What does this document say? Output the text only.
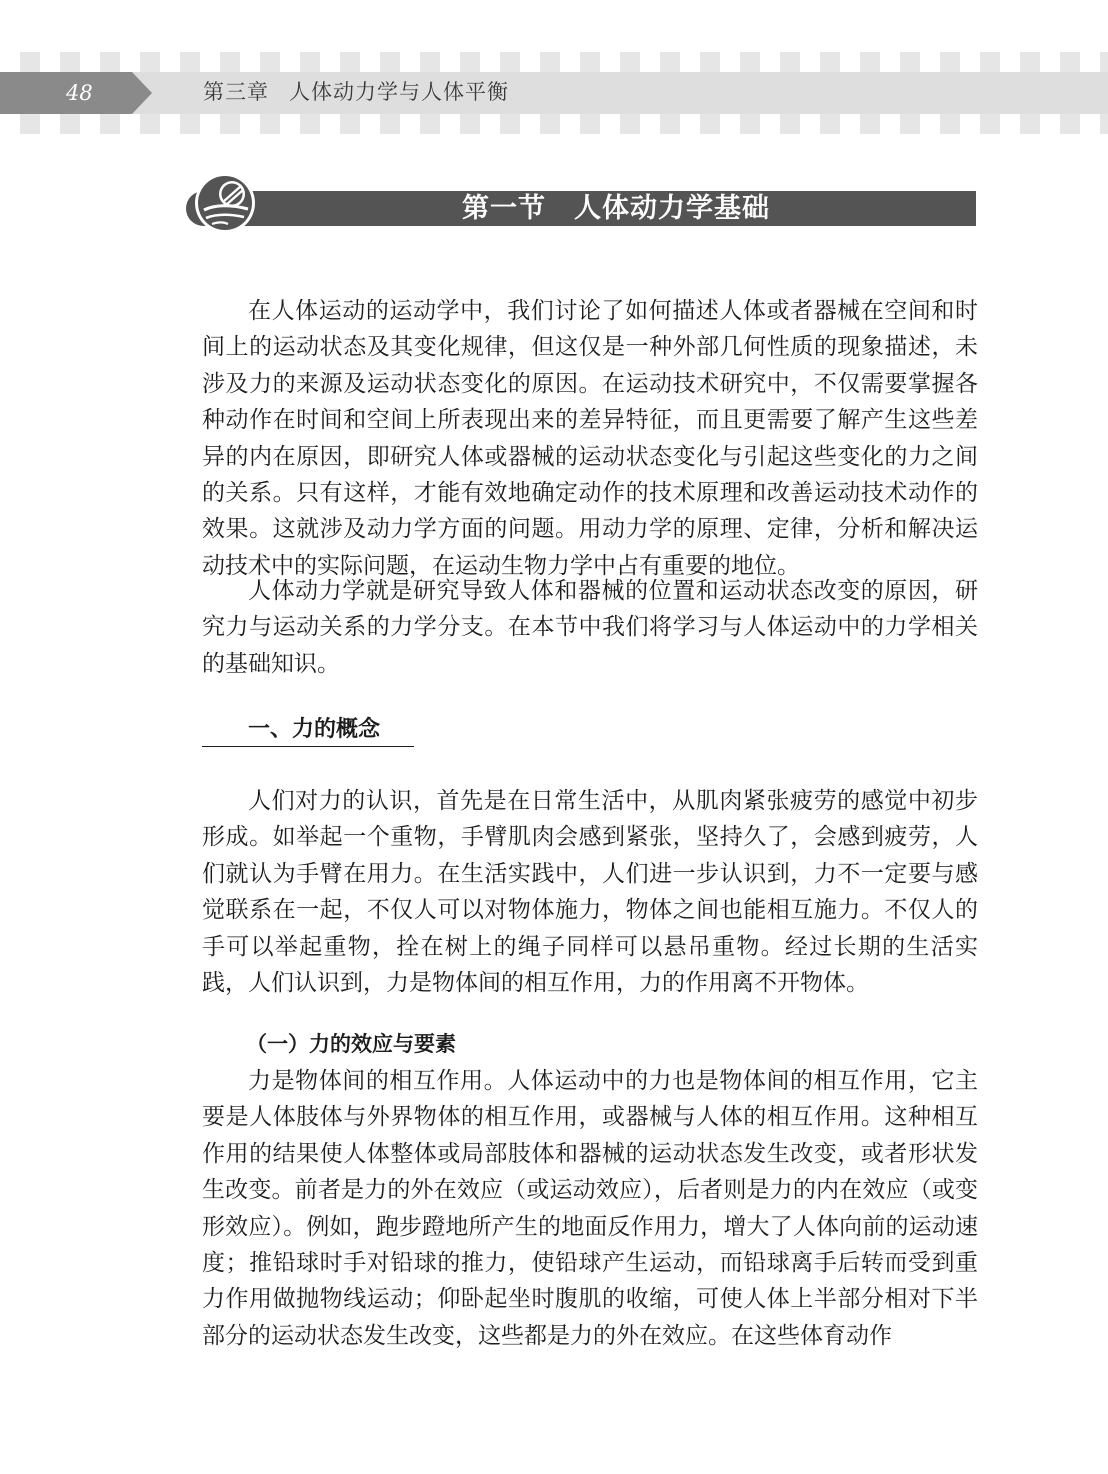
48	第三章 人体动力学与人体平衡
第一节 人体动力学基础

在人体运动的运动学中，我们讨论了如何描述人体或者器械在空间和时间上的运动状态及其变化规律，但这仅是一种外部几何性质的现象描述，未涉及力的来源及运动状态变化的原因。在运动技术研究中，不仅需要掌握各种动作在时间和空间上所表现出来的差异特征，而且更需要了解产生这些差异的内在原因，即研究人体或器械的运动状态变化与引起这些变化的力之间的关系。只有这样，才能有效地确定动作的技术原理和改善运动技术动作的效果。这就涉及动力学方面的问题。用动力学的原理、定律，分析和解决运动技术中的实际问题，在运动生物力学中占有重要的地位。

人体动力学就是研究导致人体和器械的位置和运动状态改变的原因，研究力与运动关系的力学分支。在本节中我们将学习与人体运动中的力学相关的基础知识。

一、力的概念

人们对力的认识，首先是在日常生活中，从肌肉紧张疲劳的感觉中初步形成。如举起一个重物，手臂肌肉会感到紧张，坚持久了，会感到疲劳，人们就认为手臂在用力。在生活实践中，人们进一步认识到，力不一定要与感觉联系在一起，不仅人可以对物体施力，物体之间也能相互施力。不仅人的手可以举起重物，拴在树上的绳子同样可以悬吊重物。经过长期的生活实践，人们认识到，力是物体间的相互作用，力的作用离不开物体。

（一）力的效应与要素

力是物体间的相互作用。人体运动中的力也是物体间的相互作用，它主要是人体肢体与外界物体的相互作用，或器械与人体的相互作用。这种相互作用的结果使人体整体或局部肢体和器械的运动状态发生改变，或者形状发生改变。前者是力的外在效应（或运动效应），后者则是力的内在效应（或变形效应）。例如，跑步蹬地所产生的地面反作用力，增大了人体向前的运动速度；推铅球时手对铅球的推力，使铅球产生运动，而铅球离手后转而受到重力作用做抛物线运动；仰卧起坐时腹肌的收缩，可使人体上半部分相对下半部分的运动状态发生改变，这些都是力的外在效应。在这些体育动作
